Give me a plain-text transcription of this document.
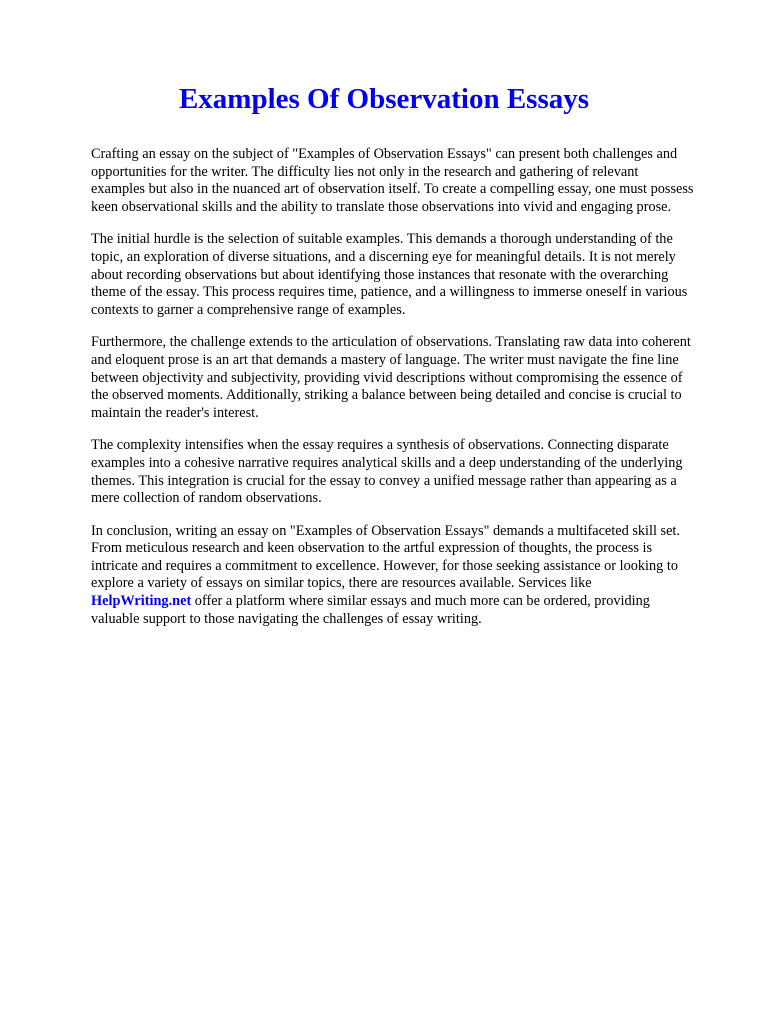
Examples Of Observation Essays

Crafting an essay on the subject of "Examples of Observation Essays" can present both challenges and opportunities for the writer. The difficulty lies not only in the research and gathering of relevant examples but also in the nuanced art of observation itself. To create a compelling essay, one must possess keen observational skills and the ability to translate those observations into vivid and engaging prose.

The initial hurdle is the selection of suitable examples. This demands a thorough understanding of the topic, an exploration of diverse situations, and a discerning eye for meaningful details. It is not merely about recording observations but about identifying those instances that resonate with the overarching theme of the essay. This process requires time, patience, and a willingness to immerse oneself in various contexts to garner a comprehensive range of examples.

Furthermore, the challenge extends to the articulation of observations. Translating raw data into coherent and eloquent prose is an art that demands a mastery of language. The writer must navigate the fine line between objectivity and subjectivity, providing vivid descriptions without compromising the essence of the observed moments. Additionally, striking a balance between being detailed and concise is crucial to maintain the reader's interest.

The complexity intensifies when the essay requires a synthesis of observations. Connecting disparate examples into a cohesive narrative requires analytical skills and a deep understanding of the underlying themes. This integration is crucial for the essay to convey a unified message rather than appearing as a mere collection of random observations.

In conclusion, writing an essay on "Examples of Observation Essays" demands a multifaceted skill set. From meticulous research and keen observation to the artful expression of thoughts, the process is intricate and requires a commitment to excellence. However, for those seeking assistance or looking to explore a variety of essays on similar topics, there are resources available. Services like
HelpWriting.net offer a platform where similar essays and much more can be ordered, providing valuable support to those navigating the challenges of essay writing.
